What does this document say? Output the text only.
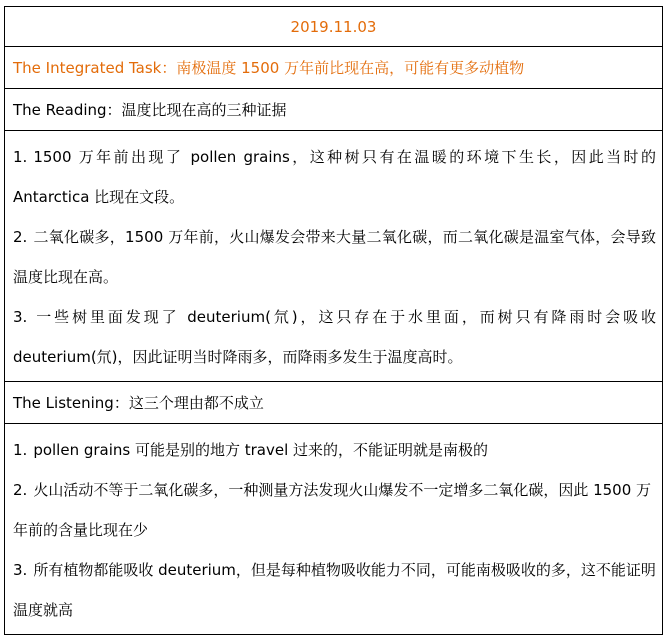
2019.11.03
The Integrated Task：南极温度 1500 万年前比现在高，可能有更多动植物
The Reading：温度比现在高的三种证据
1. 1500 万年前出现了 pollen grains，这种树只有在温暖的环境下生长，因此当时的 Antarctica 比现在文段。
2. 二氧化碳多，1500 万年前，火山爆发会带来大量二氧化碳，而二氧化碳是温室气体，会导致温度比现在高。
3. 一些树里面发现了 deuterium(氘)，这只存在于水里面，而树只有降雨时会吸收 deuterium(氘)，因此证明当时降雨多，而降雨多发生于温度高时。
The Listening：这三个理由都不成立
1. pollen grains 可能是别的地方 travel 过来的，不能证明就是南极的
2. 火山活动不等于二氧化碳多，一种测量方法发现火山爆发不一定增多二氧化碳，因此 1500 万年前的含量比现在少
3. 所有植物都能吸收 deuterium，但是每种植物吸收能力不同，可能南极吸收的多，这不能证明温度就高
